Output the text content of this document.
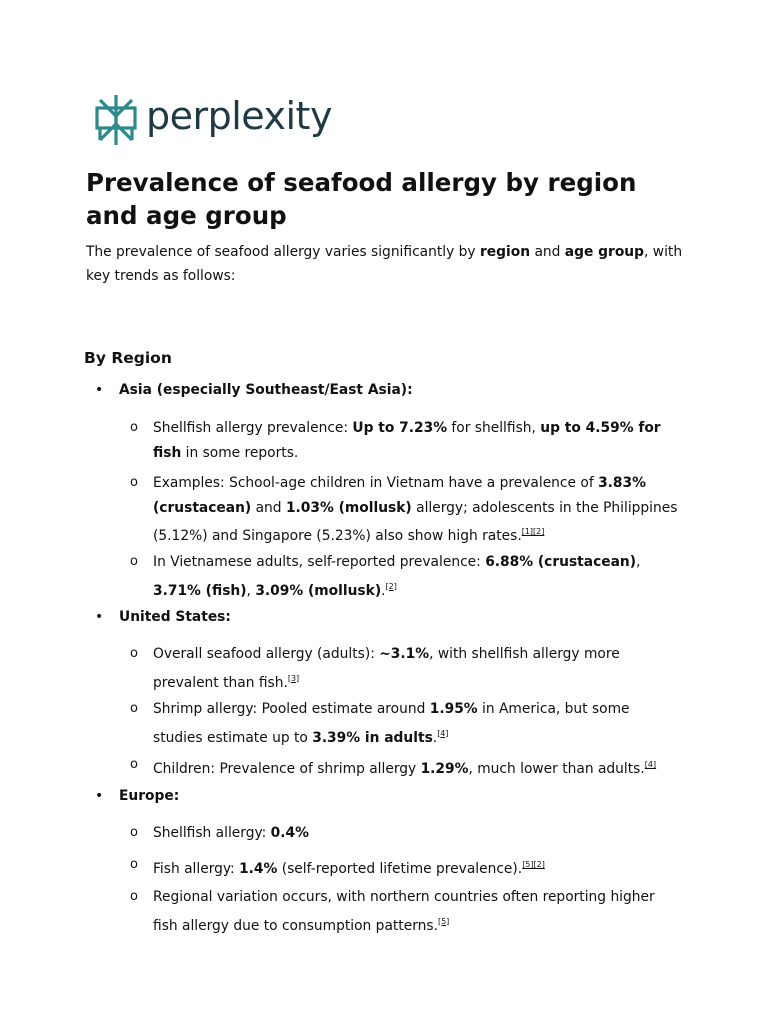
perplexity
Prevalence of seafood allergy by region and age group

The prevalence of seafood allergy varies significantly by region and age group, with key trends as follows:

By Region
• Asia (especially Southeast/East Asia):

o Shellfish allergy prevalence: Up to 7.23% for shellfish, up to 4.59% for fish in some reports.

o Examples: School-age children in Vietnam have a prevalence of 3.83% (crustacean) and 1.03% (mollusk) allergy; adolescents in the Philippines (5.12%) and Singapore (5.23%) also show high rates.[1][2]

o In Vietnamese adults, self-reported prevalence: 6.88% (crustacean), 3.71% (fish), 3.09% (mollusk).[2]

• United States:

o Overall seafood allergy (adults): ~3.1%, with shellfish allergy more prevalent than fish.[3]

o Shrimp allergy: Pooled estimate around 1.95% in America, but some studies estimate up to 3.39% in adults.[4]

o Children: Prevalence of shrimp allergy 1.29%, much lower than adults.[4]

• Europe:

o Shellfish allergy: 0.4%

o Fish allergy: 1.4% (self-reported lifetime prevalence).[5][2]

o Regional variation occurs, with northern countries often reporting higher fish allergy due to consumption patterns.[5]
